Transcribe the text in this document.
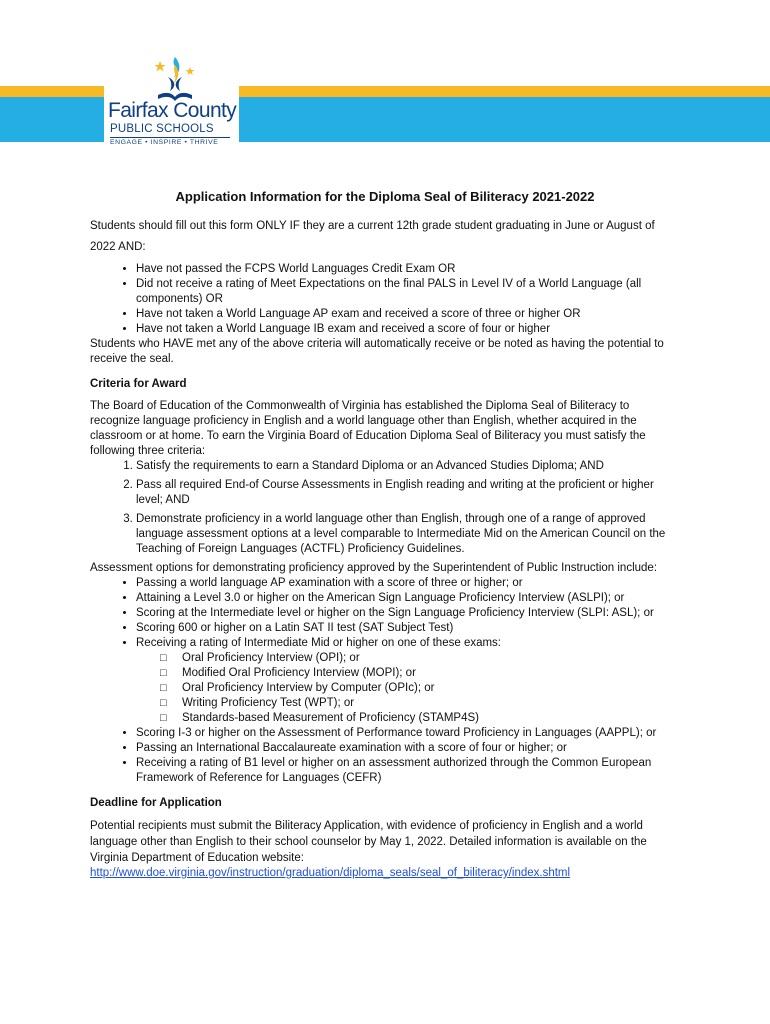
Fairfax County
PUBLIC SCHOOLS
ENGAGE • INSPIRE • THRIVE
Application Information for the Diploma Seal of Biliteracy 2021-2022

Students should fill out this form ONLY IF they are a current 12th grade student graduating in June or August of 2022 AND:

• Have not passed the FCPS World Languages Credit Exam OR
• Did not receive a rating of Meet Expectations on the final PALS in Level IV of a World Language (all components) OR
• Have not taken a World Language AP exam and received a score of three or higher OR
• Have not taken a World Language IB exam and received a score of four or higher

Students who HAVE met any of the above criteria will automatically receive or be noted as having the potential to receive the seal.

Criteria for Award

The Board of Education of the Commonwealth of Virginia has established the Diploma Seal of Biliteracy to recognize language proficiency in English and a world language other than English, whether acquired in the classroom or at home. To earn the Virginia Board of Education Diploma Seal of Biliteracy you must satisfy the following three criteria:

1. Satisfy the requirements to earn a Standard Diploma or an Advanced Studies Diploma; AND
2. Pass all required End-of Course Assessments in English reading and writing at the proficient or higher level; AND
3. Demonstrate proficiency in a world language other than English, through one of a range of approved language assessment options at a level comparable to Intermediate Mid on the American Council on the Teaching of Foreign Languages (ACTFL) Proficiency Guidelines.

Assessment options for demonstrating proficiency approved by the Superintendent of Public Instruction include:

• Passing a world language AP examination with a score of three or higher; or
• Attaining a Level 3.0 or higher on the American Sign Language Proficiency Interview (ASLPI); or
• Scoring at the Intermediate level or higher on the Sign Language Proficiency Interview (SLPI: ASL); or
• Scoring 600 or higher on a Latin SAT II test (SAT Subject Test)
• Receiving a rating of Intermediate Mid or higher on one of these exams:
□ Oral Proficiency Interview (OPI); or
□ Modified Oral Proficiency Interview (MOPI); or
□ Oral Proficiency Interview by Computer (OPIc); or
□ Writing Proficiency Test (WPT); or
□ Standards-based Measurement of Proficiency (STAMP4S)
• Scoring I-3 or higher on the Assessment of Performance toward Proficiency in Languages (AAPPL); or
• Passing an International Baccalaureate examination with a score of four or higher; or
• Receiving a rating of B1 level or higher on an assessment authorized through the Common European Framework of Reference for Languages (CEFR)
Deadline for Application

Potential recipients must submit the Biliteracy Application, with evidence of proficiency in English and a world language other than English to their school counselor by May 1, 2022. Detailed information is available on the Virginia Department of Education website:

http://www.doe.virginia.gov/instruction/graduation/diploma_seals/seal_of_biliteracy/index.shtml
